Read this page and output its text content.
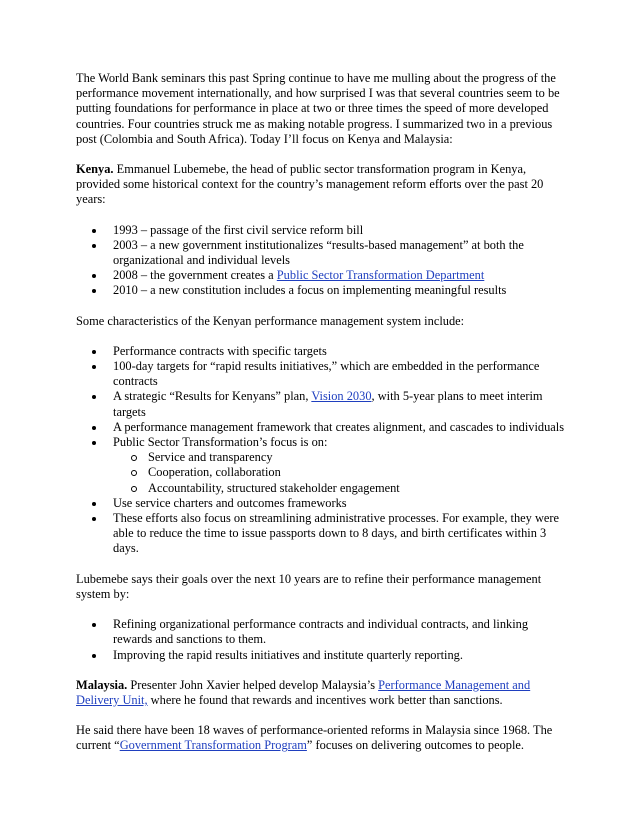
The World Bank seminars this past Spring continue to have me mulling about the progress of the performance movement internationally, and how surprised I was that several countries seem to be putting foundations for performance in place at two or three times the speed of more developed countries. Four countries struck me as making notable progress. I summarized two in a previous post (Colombia and South Africa). Today I’ll focus on Kenya and Malaysia:

Kenya. Emmanuel Lubemebe, the head of public sector transformation program in Kenya, provided some historical context for the country’s management reform efforts over the past 20 years:

1993 – passage of the first civil service reform bill
2003 – a new government institutionalizes “results-based management” at both the organizational and individual levels
2008 – the government creates a Public Sector Transformation Department
2010 – a new constitution includes a focus on implementing meaningful results

Some characteristics of the Kenyan performance management system include:

Performance contracts with specific targets
100-day targets for “rapid results initiatives,” which are embedded in the performance contracts
A strategic “Results for Kenyans” plan, Vision 2030, with 5-year plans to meet interim targets
A performance management framework that creates alignment, and cascades to individuals
Public Sector Transformation’s focus is on:
Service and transparency
Cooperation, collaboration
Accountability, structured stakeholder engagement
Use service charters and outcomes frameworks
These efforts also focus on streamlining administrative processes. For example, they were able to reduce the time to issue passports down to 8 days, and birth certificates within 3 days.

Lubemebe says their goals over the next 10 years are to refine their performance management system by:

Refining organizational performance contracts and individual contracts, and linking rewards and sanctions to them.
Improving the rapid results initiatives and institute quarterly reporting.

Malaysia. Presenter John Xavier helped develop Malaysia’s Performance Management and Delivery Unit, where he found that rewards and incentives work better than sanctions.

He said there have been 18 waves of performance-oriented reforms in Malaysia since 1968. The current “Government Transformation Program” focuses on delivering outcomes to people.
